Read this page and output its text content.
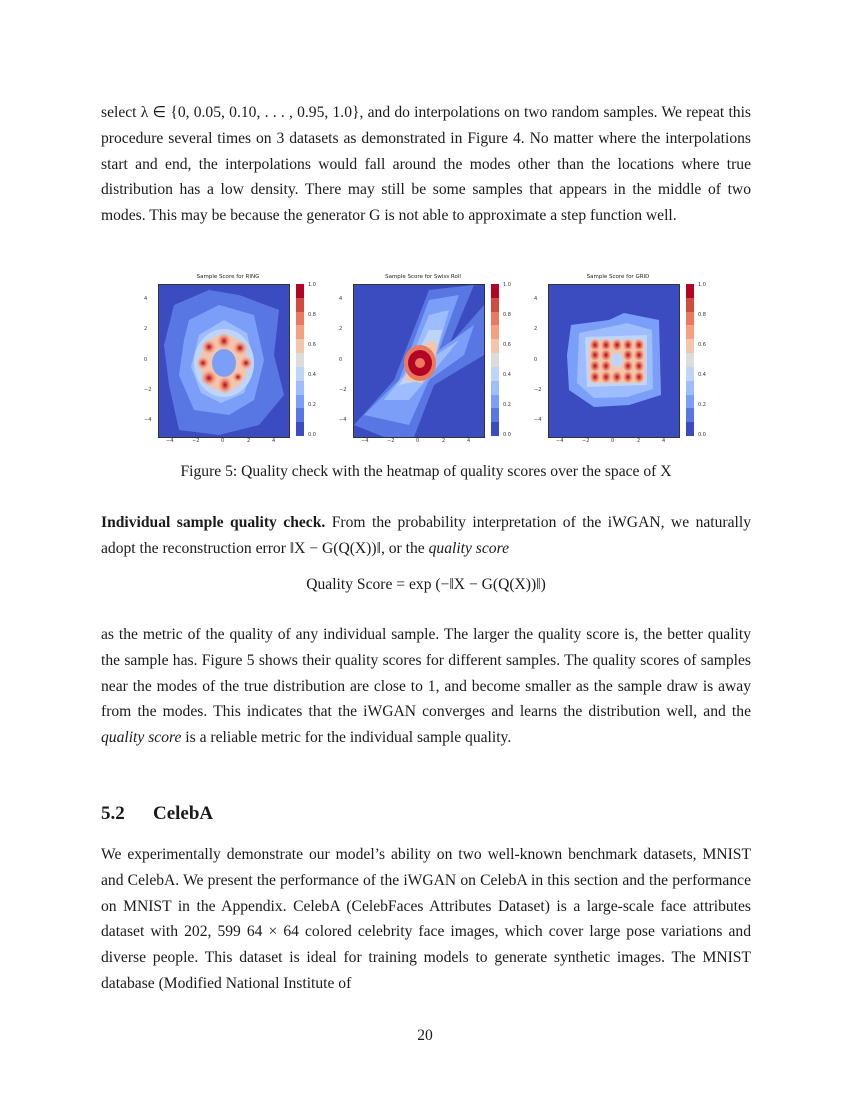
select λ ∈ {0, 0.05, 0.10, . . . , 0.95, 1.0}, and do interpolations on two random samples. We repeat this procedure several times on 3 datasets as demonstrated in Figure 4. No matter where the interpolations start and end, the interpolations would fall around the modes other than the locations where true distribution has a low density. There may still be some samples that appears in the middle of two modes. This may be because the generator G is not able to approximate a step function well.

Sample Score for RING
4
2
0
−2
−4
−4	−2	0	2	4
1.0
0.8
0.6
0.4
0.2
0.0
Sample Score for Swiss Roll
4
2
0
−2
−4
−4	−2	0	2	4
1.0
0.8
0.6
0.4
0.2
0.0
Sample Score for GRID
4
2
0
−2
−4
−4	−2	0	2	4
1.0
0.8
0.6
0.4
0.2
0.0
Figure 5: Quality check with the heatmap of quality scores over the space of X

Individual sample quality check. From the probability interpretation of the iWGAN, we naturally adopt the reconstruction error ‖X − G(Q(X))‖, or the quality score

Quality Score = exp (−‖X − G(Q(X))‖)

as the metric of the quality of any individual sample. The larger the quality score is, the better quality the sample has. Figure 5 shows their quality scores for different samples. The quality scores of samples near the modes of the true distribution are close to 1, and become smaller as the sample draw is away from the modes. This indicates that the iWGAN converges and learns the distribution well, and the quality score is a reliable metric for the individual sample quality.

5.2 CelebA

We experimentally demonstrate our model’s ability on two well-known benchmark datasets, MNIST and CelebA. We present the performance of the iWGAN on CelebA in this section and the performance on MNIST in the Appendix. CelebA (CelebFaces Attributes Dataset) is a large-scale face attributes dataset with 202, 599 64 × 64 colored celebrity face images, which cover large pose variations and diverse people. This dataset is ideal for training models to generate synthetic images. The MNIST database (Modified National Institute of

20
